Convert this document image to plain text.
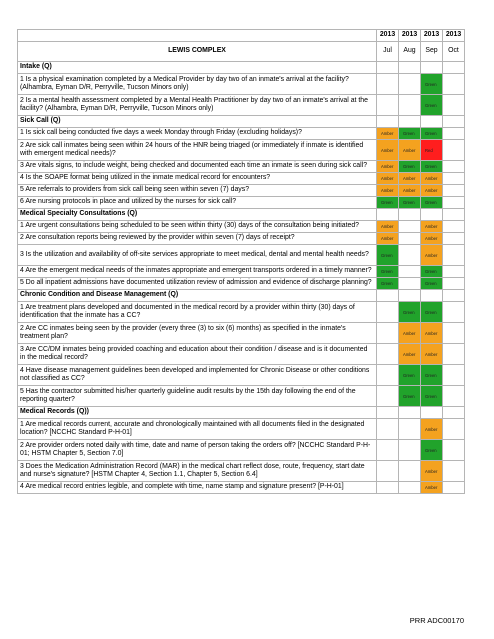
	2013	2013	2013	2013
LEWIS COMPLEX	Jul	Aug	Sep	Oct
Intake (Q)				
1 Is a physical examination completed by a Medical Provider by day two of an inmate's arrival at the facility? (Alhambra, Eyman D/R, Perryville, Tucson Minors only)			Green	

2 Is a mental health assessment completed by a Mental Health Practitioner by day two of an inmate's arrival at the facility? (Alhambra, Eyman D/R, Perryville, Tucson Minors only)			Green	

Sick Call (Q)				
1 Is sick call being conducted five days a week Monday through Friday (excluding holidays)?	Amber	Green	Green	

2 Are sick call inmates being seen within 24 hours of the HNR being triaged (or immediately if inmate is identified with emergent medical needs)?	Amber	Amber	Red	

3 Are vitals signs, to include weight, being checked and documented each time an inmate is seen during sick call?	Amber	Green	Green	

4 Is the SOAPE format being utilized in the inmate medical record for encounters?	Amber	Amber	Amber	

5 Are referrals to providers from sick call being seen within seven (7) days?	Amber	Amber	Amber	

6 Are nursing protocols in place and utilized by the nurses for sick call?	Green	Green	Green	

Medical Specialty Consultations (Q)				
1 Are urgent consultations being scheduled to be seen within thirty (30) days of the consultation being initiated?	Amber		Amber	

2 Are consultation reports being reviewed by the provider within seven (7) days of receipt?	Amber		Amber	

3 Is the utilization and availability of off-site services appropriate to meet medical, dental and mental health needs?	Green		Amber	

4 Are the emergent medical needs of the inmates appropriate and emergent transports ordered in a timely manner?	Green		Green	

5 Do all inpatient admissions have documented utilization review of admission and evidence of discharge planning?	Green		Green	

Chronic Condition and Disease Management (Q)				
1 Are treatment plans developed and documented in the medical record by a provider within thirty (30) days of identification that the inmate has a CC?		Green	Green	

2 Are CC inmates being seen by the provider (every three (3) to six (6) months) as specified in the inmate's treatment plan?		Amber	Amber	

3 Are CC/DM inmates being provided coaching and education about their condition / disease and is it documented in the medical record?		Amber	Amber	

4 Have disease management guidelines been developed and implemented for Chronic Disease or other conditions not classified as CC?		Green	Green	

5 Has the contractor submitted his/her quarterly guideline audit results by the 15th day following the end of the reporting quarter?		Green	Green	

Medical Records (Q))				
1 Are medical records current, accurate and chronologically maintained with all documents filed in the designated location? [NCCHC Standard P-H-01]			Amber	

2 Are provider orders noted daily with time, date and name of person taking the orders off? [NCCHC Standard P-H-01; HSTM Chapter 5, Section 7.0]			Green	

3 Does the Medication Administration Record (MAR) in the medical chart reflect dose, route, frequency, start date and nurse's signature? [HSTM Chapter 4, Section 1.1, Chapter 5, Section 6.4]			Amber	

4 Are medical record entries legible, and complete with time, name stamp and signature present? [P-H-01]			Amber	

PRR ADC00170
